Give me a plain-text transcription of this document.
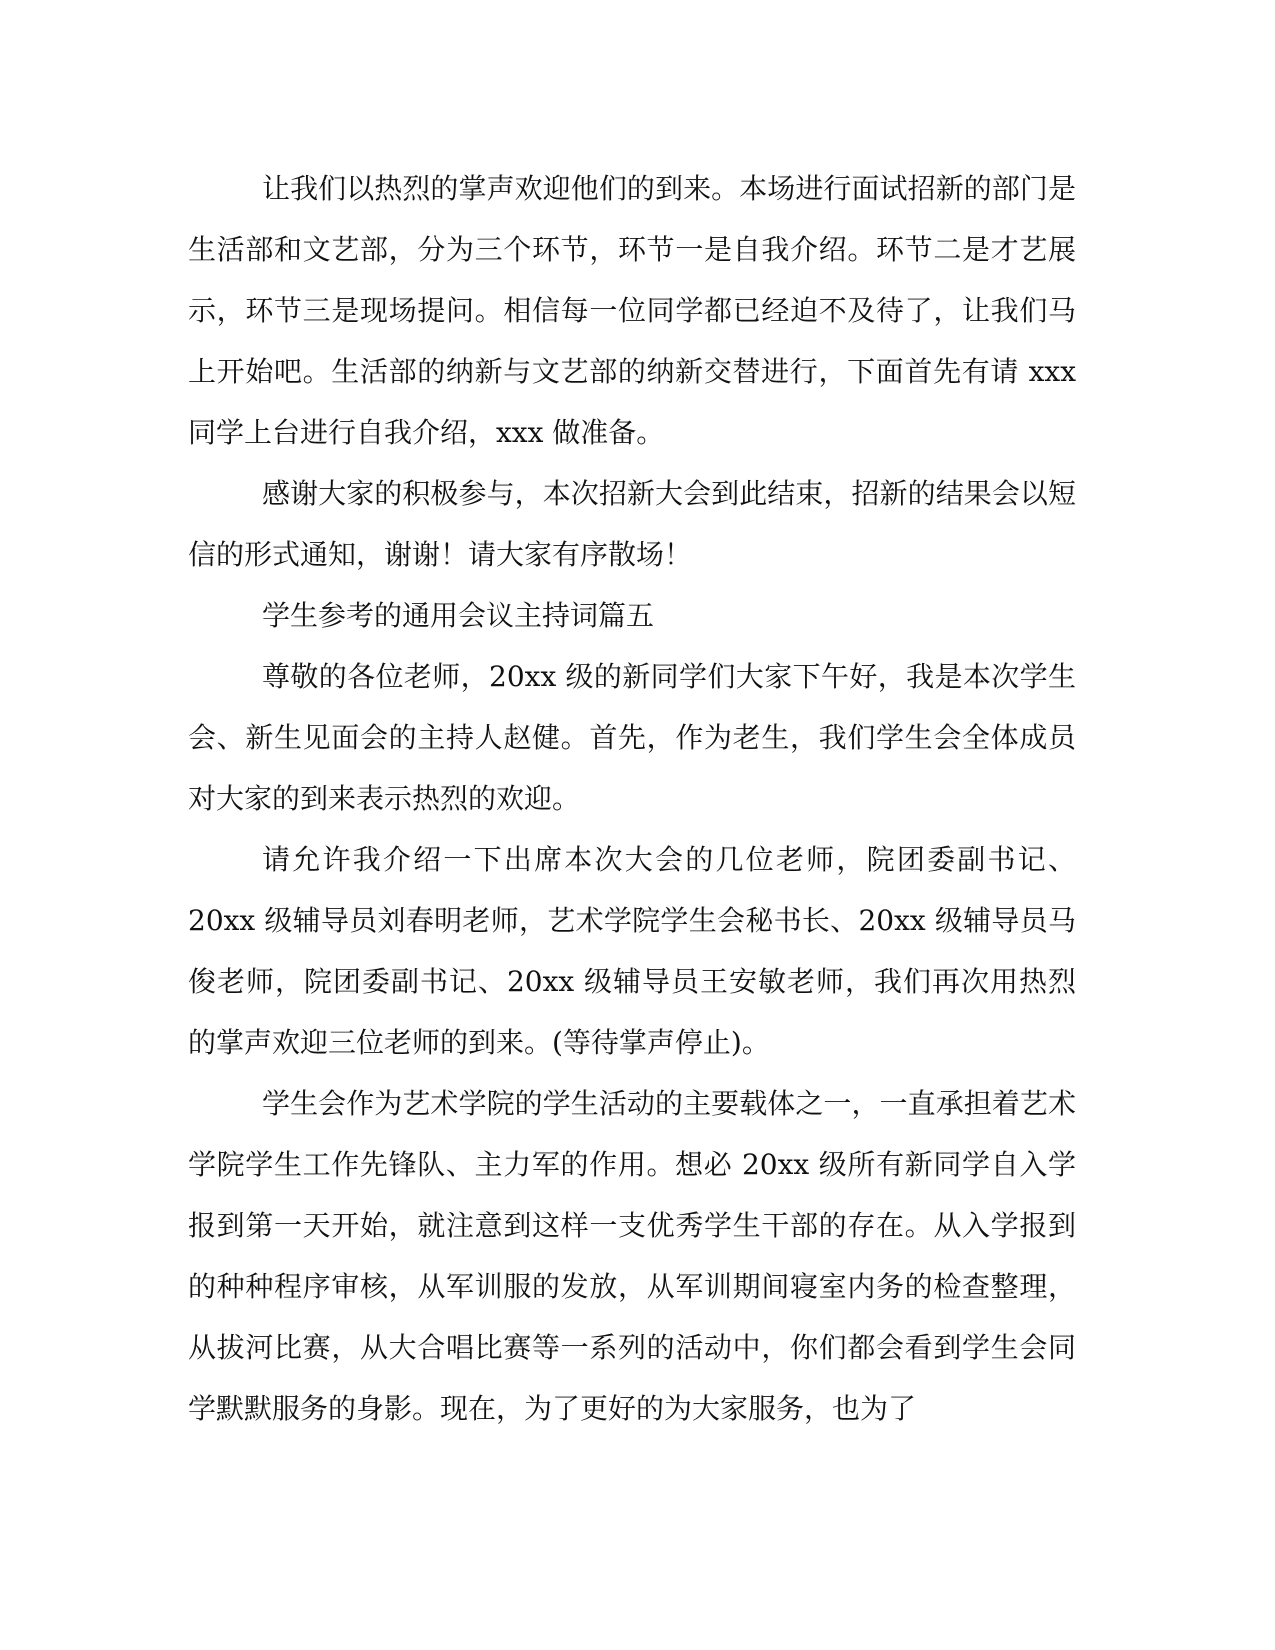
让我们以热烈的掌声欢迎他们的到来。本场进行面试招新的部门是生活部和文艺部，分为三个环节，环节一是自我介绍。环节二是才艺展示，环节三是现场提问。相信每一位同学都已经迫不及待了，让我们马上开始吧。生活部的纳新与文艺部的纳新交替进行，下面首先有请 xxx 同学上台进行自我介绍，xxx 做准备。

感谢大家的积极参与，本次招新大会到此结束，招新的结果会以短信的形式通知，谢谢！请大家有序散场！

学生参考的通用会议主持词篇五

尊敬的各位老师，20xx 级的新同学们大家下午好，我是本次学生会、新生见面会的主持人赵健。首先，作为老生，我们学生会全体成员对大家的到来表示热烈的欢迎。

请允许我介绍一下出席本次大会的几位老师，院团委副书记、20xx 级辅导员刘春明老师，艺术学院学生会秘书长、20xx 级辅导员马俊老师，院团委副书记、20xx 级辅导员王安敏老师，我们再次用热烈的掌声欢迎三位老师的到来。(等待掌声停止)。

学生会作为艺术学院的学生活动的主要载体之一，一直承担着艺术学院学生工作先锋队、主力军的作用。想必 20xx 级所有新同学自入学报到第一天开始，就注意到这样一支优秀学生干部的存在。从入学报到的种种程序审核，从军训服的发放，从军训期间寝室内务的检查整理，从拔河比赛，从大合唱比赛等一系列的活动中，你们都会看到学生会同学默默服务的身影。现在，为了更好的为大家服务，也为了
